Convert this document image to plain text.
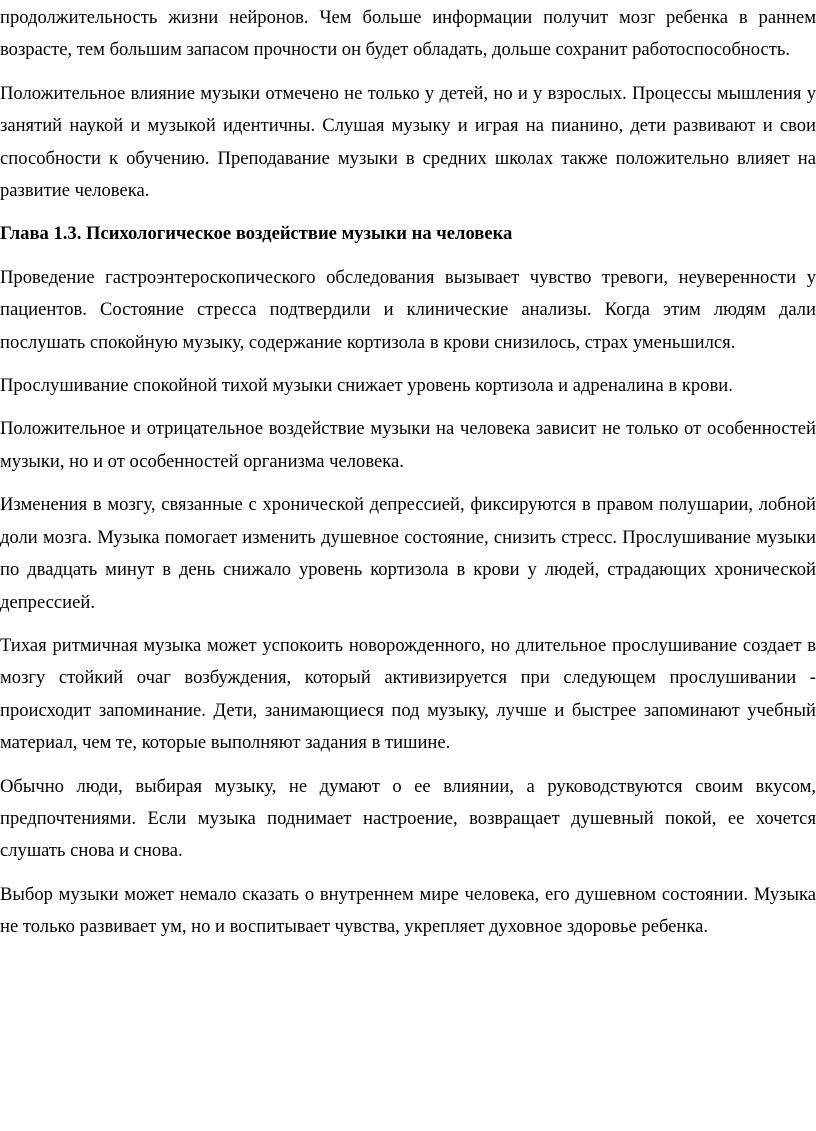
продолжительность жизни нейронов. Чем больше информации получит мозг ребенка в раннем возрасте, тем большим запасом прочности он будет обладать, дольше сохранит работоспособность.

Положительное влияние музыки отмечено не только у детей, но и у взрослых. Процессы мышления у занятий наукой и музыкой идентичны. Слушая музыку и играя на пианино, дети развивают и свои способности к обучению. Преподавание музыки в средних школах также положительно влияет на развитие человека.

Глава 1.3. Психологическое воздействие музыки на человека

Проведение гастроэнтероскопического обследования вызывает чувство тревоги, неуверенности у пациентов. Состояние стресса подтвердили и клинические анализы. Когда этим людям дали послушать спокойную музыку, содержание кортизола в крови снизилось, страх уменьшился.

Прослушивание спокойной тихой музыки снижает уровень кортизола и адреналина в крови.

Положительное и отрицательное воздействие музыки на человека зависит не только от особенностей музыки, но и от особенностей организма человека.

Изменения в мозгу, связанные с хронической депрессией, фиксируются в правом полушарии, лобной доли мозга. Музыка помогает изменить душевное состояние, снизить стресс. Прослушивание музыки по двадцать минут в день снижало уровень кортизола в крови у людей, страдающих хронической депрессией.

Тихая ритмичная музыка может успокоить новорожденного, но длительное прослушивание создает в мозгу стойкий очаг возбуждения, который активизируется при следующем прослушивании - происходит запоминание. Дети, занимающиеся под музыку, лучше и быстрее запоминают учебный материал, чем те, которые выполняют задания в тишине.

Обычно люди, выбирая музыку, не думают о ее влиянии, а руководствуются своим вкусом, предпочтениями. Если музыка поднимает настроение, возвращает душевный покой, ее хочется слушать снова и снова.

Выбор музыки может немало сказать о внутреннем мире человека, его душевном состоянии. Музыка не только развивает ум, но и воспитывает чувства, укрепляет духовное здоровье ребенка.
